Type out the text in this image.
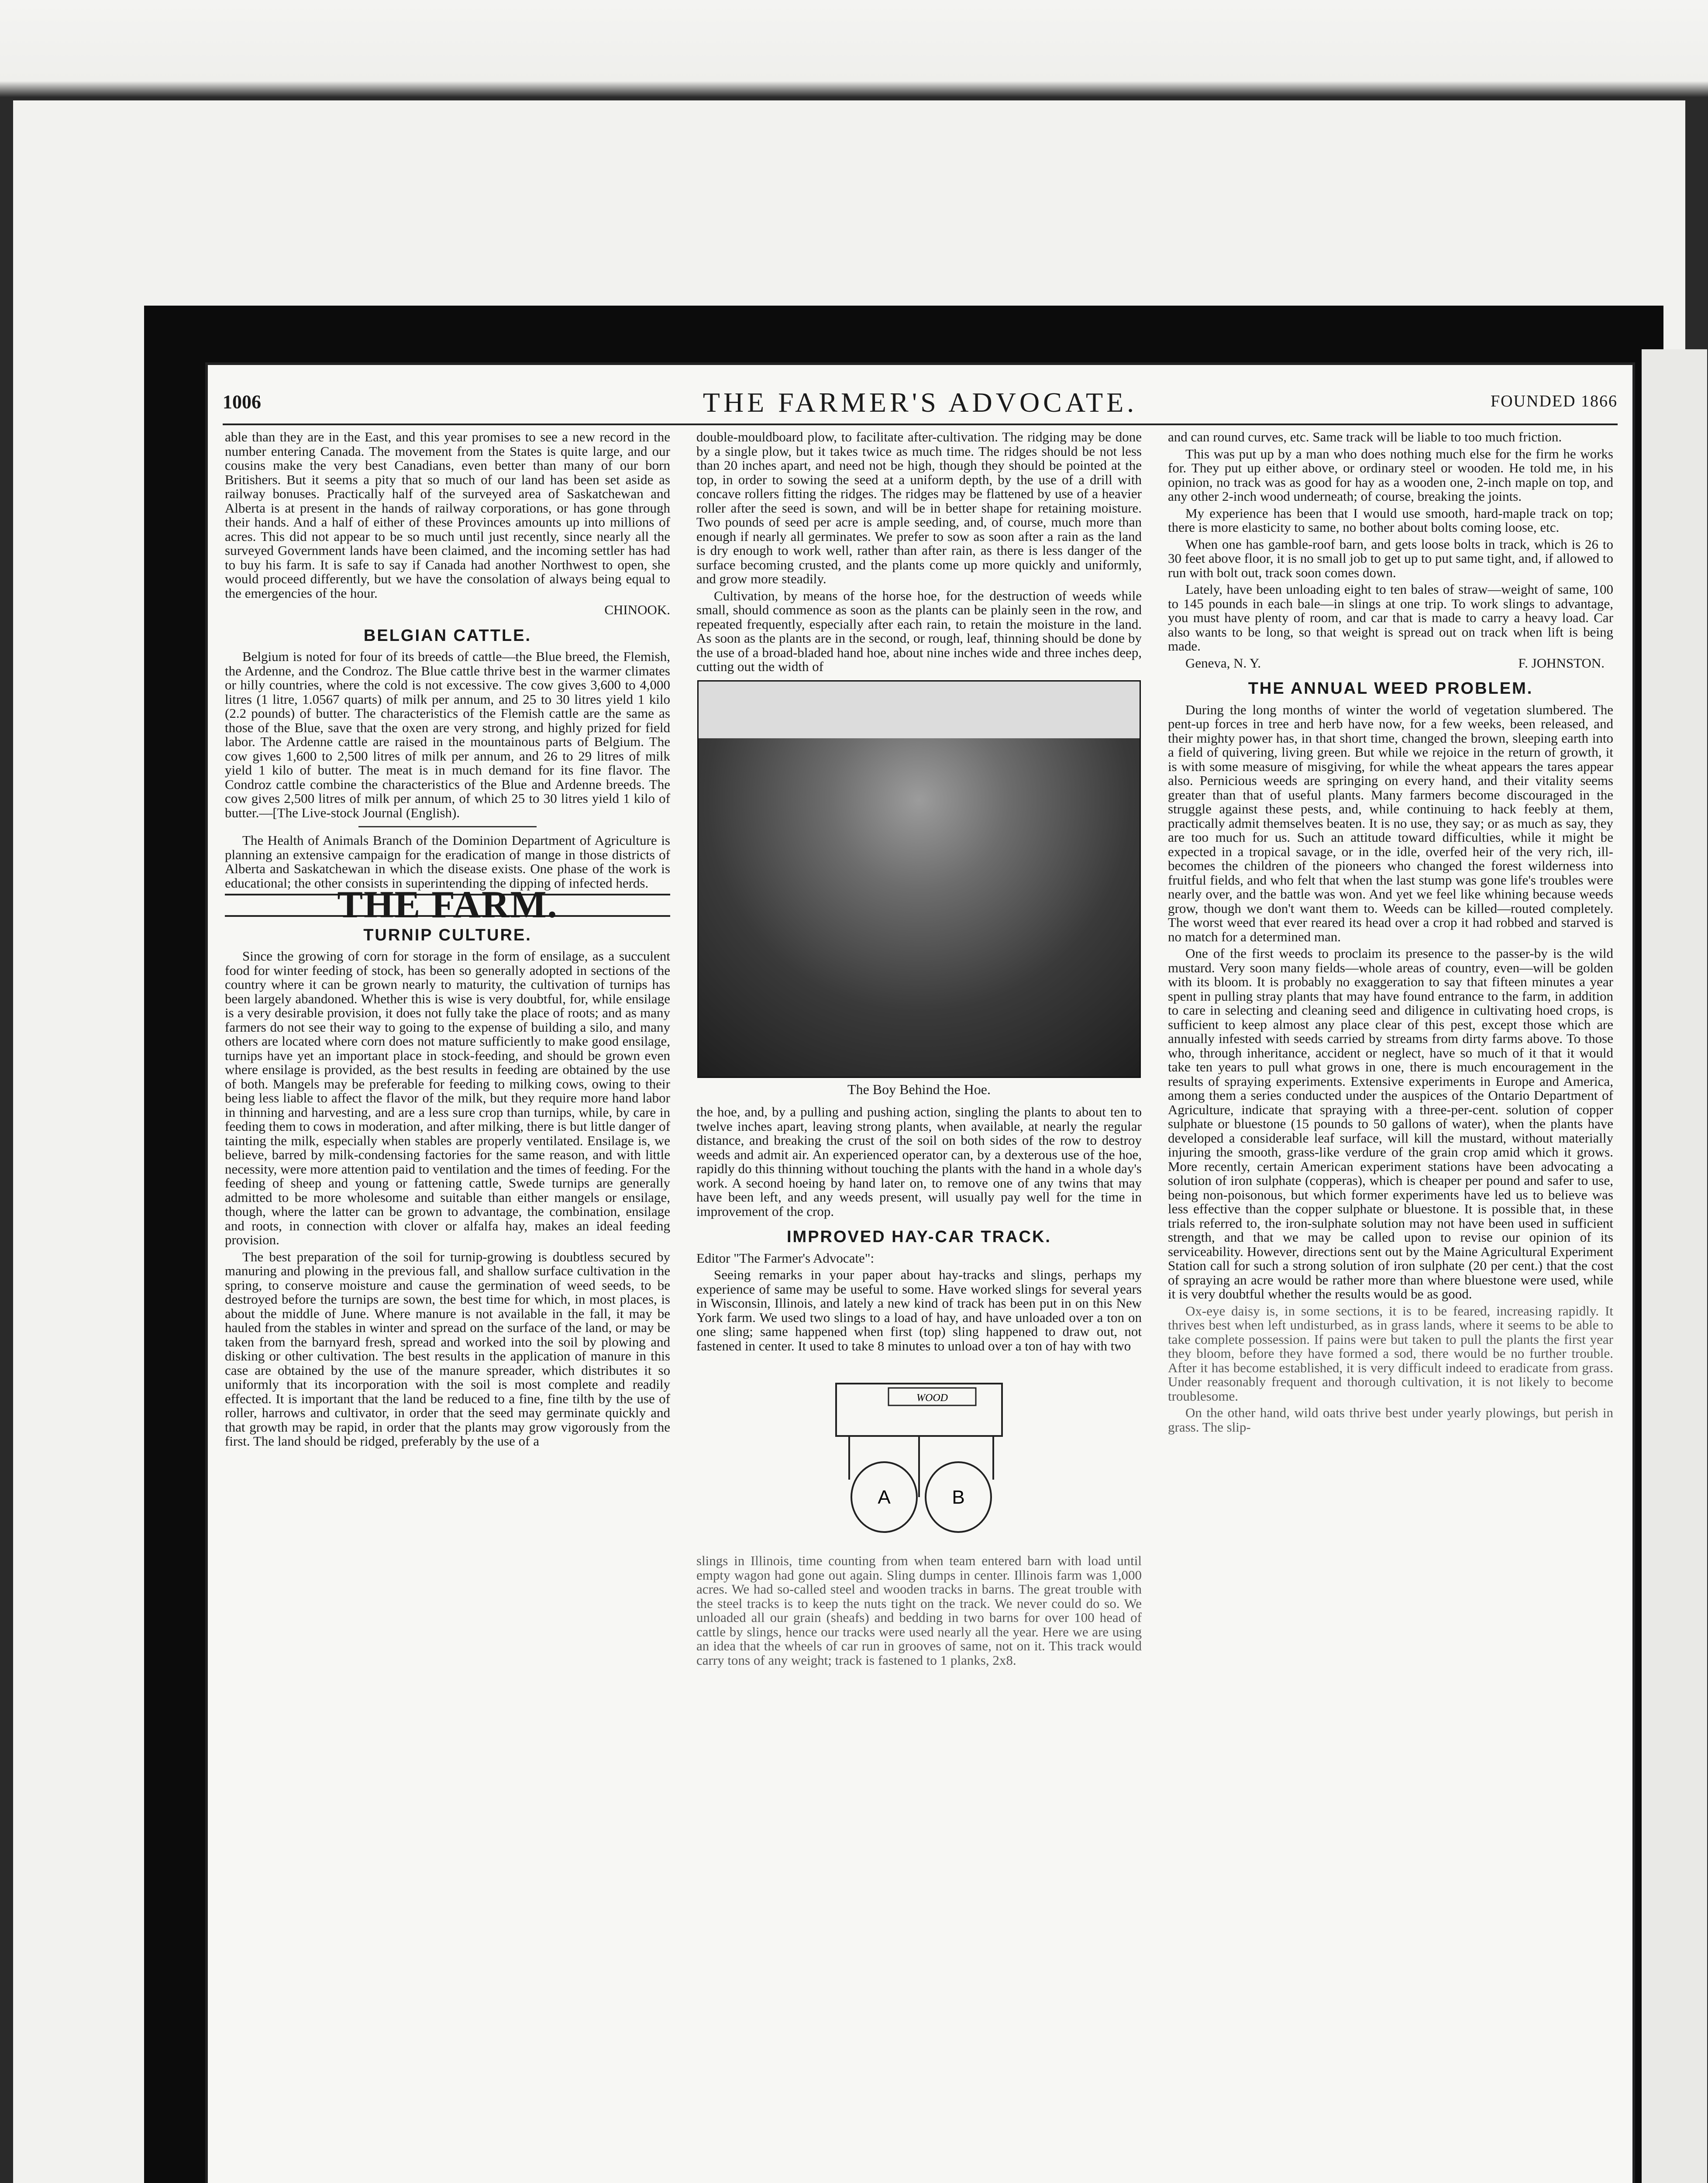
1006	THE FARMER'S ADVOCATE.	FOUNDED 1866

able than they are in the East, and this year promises to see a new record in the number entering Canada. The movement from the States is quite large, and our cousins make the very best Canadians, even better than many of our born Britishers. But it seems a pity that so much of our land has been set aside as railway bonuses. Practically half of the surveyed area of Saskatchewan and Alberta is at present in the hands of railway corporations, or has gone through their hands. And a half of either of these Provinces amounts up into millions of acres. This did not appear to be so much until just recently, since nearly all the surveyed Government lands have been claimed, and the incoming settler has had to buy his farm. It is safe to say if Canada had another Northwest to open, she would proceed differently, but we have the consolation of always being equal to the emergencies of the hour.

CHINOOK.
BELGIAN CATTLE.

Belgium is noted for four of its breeds of cattle—the Blue breed, the Flemish, the Ardenne, and the Condroz. The Blue cattle thrive best in the warmer climates or hilly countries, where the cold is not excessive. The cow gives 3,600 to 4,000 litres (1 litre, 1.0567 quarts) of milk per annum, and 25 to 30 litres yield 1 kilo (2.2 pounds) of butter. The characteristics of the Flemish cattle are the same as those of the Blue, save that the oxen are very strong, and highly prized for field labor. The Ardenne cattle are raised in the mountainous parts of Belgium. The cow gives 1,600 to 2,500 litres of milk per annum, and 26 to 29 litres of milk yield 1 kilo of butter. The meat is in much demand for its fine flavor. The Condroz cattle combine the characteristics of the Blue and Ardenne breeds. The cow gives 2,500 litres of milk per annum, of which 25 to 30 litres yield 1 kilo of butter.—[The Live-stock Journal (English).

The Health of Animals Branch of the Dominion Department of Agriculture is planning an extensive campaign for the eradication of mange in those districts of Alberta and Saskatchewan in which the disease exists. One phase of the work is educational; the other consists in superintending the dipping of infected herds.

THE FARM.
TURNIP CULTURE.

Since the growing of corn for storage in the form of ensilage, as a succulent food for winter feeding of stock, has been so generally adopted in sections of the country where it can be grown nearly to maturity, the cultivation of turnips has been largely abandoned. Whether this is wise is very doubtful, for, while ensilage is a very desirable provision, it does not fully take the place of roots; and as many farmers do not see their way to going to the expense of building a silo, and many others are located where corn does not mature sufficiently to make good ensilage, turnips have yet an important place in stock-feeding, and should be grown even where ensilage is provided, as the best results in feeding are obtained by the use of both. Mangels may be preferable for feeding to milking cows, owing to their being less liable to affect the flavor of the milk, but they require more hand labor in thinning and harvesting, and are a less sure crop than turnips, while, by care in feeding them to cows in moderation, and after milking, there is but little danger of tainting the milk, especially when stables are properly ventilated. Ensilage is, we believe, barred by milk-condensing factories for the same reason, and with little necessity, were more attention paid to ventilation and the times of feeding. For the feeding of sheep and young or fattening cattle, Swede turnips are generally admitted to be more wholesome and suitable than either mangels or ensilage, though, where the latter can be grown to advantage, the combination, ensilage and roots, in connection with clover or alfalfa hay, makes an ideal feeding provision.

The best preparation of the soil for turnip-growing is doubtless secured by manuring and plowing in the previous fall, and shallow surface cultivation in the spring, to conserve moisture and cause the germination of weed seeds, to be destroyed before the turnips are sown, the best time for which, in most places, is about the middle of June. Where manure is not available in the fall, it may be hauled from the stables in winter and spread on the surface of the land, or may be taken from the barnyard fresh, spread and worked into the soil by plowing and disking or other cultivation. The best results in the application of manure in this case are obtained by the use of the manure spreader, which distributes it so uniformly that its incorporation with the soil is most complete and readily effected. It is important that the land be reduced to a fine, fine tilth by the use of roller, harrows and cultivator, in order that the seed may germinate quickly and that growth may be rapid, in order that the plants may grow vigorously from the first. The land should be ridged, preferably by the use of a

double-mouldboard plow, to facilitate after-cultivation. The ridging may be done by a single plow, but it takes twice as much time. The ridges should be not less than 20 inches apart, and need not be high, though they should be pointed at the top, in order to sowing the seed at a uniform depth, by the use of a drill with concave rollers fitting the ridges. The ridges may be flattened by use of a heavier roller after the seed is sown, and will be in better shape for retaining moisture. Two pounds of seed per acre is ample seeding, and, of course, much more than enough if nearly all germinates. We prefer to sow as soon after a rain as the land is dry enough to work well, rather than after rain, as there is less danger of the surface becoming crusted, and the plants come up more quickly and uniformly, and grow more steadily.

Cultivation, by means of the horse hoe, for the destruction of weeds while small, should commence as soon as the plants can be plainly seen in the row, and repeated frequently, especially after each rain, to retain the moisture in the land. As soon as the plants are in the second, or rough, leaf, thinning should be done by the use of a broad-bladed hand hoe, about nine inches wide and three inches deep, cutting out the width of

The Boy Behind the Hoe.

the hoe, and, by a pulling and pushing action, singling the plants to about ten to twelve inches apart, leaving strong plants, when available, at nearly the regular distance, and breaking the crust of the soil on both sides of the row to destroy weeds and admit air. An experienced operator can, by a dexterous use of the hoe, rapidly do this thinning without touching the plants with the hand in a whole day's work. A second hoeing by hand later on, to remove one of any twins that may have been left, and any weeds present, will usually pay well for the time in improvement of the crop.

IMPROVED HAY-CAR TRACK.

Editor "The Farmer's Advocate":

Seeing remarks in your paper about hay-tracks and slings, perhaps my experience of same may be useful to some. Have worked slings for several years in Wisconsin, Illinois, and lately a new kind of track has been put in on this New York farm. We used two slings to a load of hay, and have unloaded over a ton on one sling; same happened when first (top) sling happened to draw out, not fastened in center. It used to take 8 minutes to unload over a ton of hay with two

WOOD
A	B

slings in Illinois, time counting from when team entered barn with load until empty wagon had gone out again. Sling dumps in center. Illinois farm was 1,000 acres. We had so-called steel and wooden tracks in barns. The great trouble with the steel tracks is to keep the nuts tight on the track. We never could do so. We unloaded all our grain (sheafs) and bedding in two barns for over 100 head of cattle by slings, hence our tracks were used nearly all the year. Here we are using an idea that the wheels of car run in grooves of same, not on it. This track would carry tons of any weight; track is fastened to 1 planks, 2x8.

and can round curves, etc. Same track will be liable to too much friction.

This was put up by a man who does nothing much else for the firm he works for. They put up either above, or ordinary steel or wooden. He told me, in his opinion, no track was as good for hay as a wooden one, 2-inch maple on top, and any other 2-inch wood underneath; of course, breaking the joints.

My experience has been that I would use smooth, hard-maple track on top; there is more elasticity to same, no bother about bolts coming loose, etc.

When one has gamble-roof barn, and gets loose bolts in track, which is 26 to 30 feet above floor, it is no small job to get up to put same tight, and, if allowed to run with bolt out, track soon comes down.

Lately, have been unloading eight to ten bales of straw—weight of same, 100 to 145 pounds in each bale—in slings at one trip. To work slings to advantage, you must have plenty of room, and car that is made to carry a heavy load. Car also wants to be long, so that weight is spread out on track when lift is being made.

Geneva, N. Y.	F. JOHNSTON.
THE ANNUAL WEED PROBLEM.

During the long months of winter the world of vegetation slumbered. The pent-up forces in tree and herb have now, for a few weeks, been released, and their mighty power has, in that short time, changed the brown, sleeping earth into a field of quivering, living green. But while we rejoice in the return of growth, it is with some measure of misgiving, for while the wheat appears the tares appear also. Pernicious weeds are springing on every hand, and their vitality seems greater than that of useful plants. Many farmers become discouraged in the struggle against these pests, and, while continuing to hack feebly at them, practically admit themselves beaten. It is no use, they say; or as much as say, they are too much for us. Such an attitude toward difficulties, while it might be expected in a tropical savage, or in the idle, overfed heir of the very rich, ill-becomes the children of the pioneers who changed the forest wilderness into fruitful fields, and who felt that when the last stump was gone life's troubles were nearly over, and the battle was won. And yet we feel like whining because weeds grow, though we don't want them to. Weeds can be killed—routed completely. The worst weed that ever reared its head over a crop it had robbed and starved is no match for a determined man.

One of the first weeds to proclaim its presence to the passer-by is the wild mustard. Very soon many fields—whole areas of country, even—will be golden with its bloom. It is probably no exaggeration to say that fifteen minutes a year spent in pulling stray plants that may have found entrance to the farm, in addition to care in selecting and cleaning seed and diligence in cultivating hoed crops, is sufficient to keep almost any place clear of this pest, except those which are annually infested with seeds carried by streams from dirty farms above. To those who, through inheritance, accident or neglect, have so much of it that it would take ten years to pull what grows in one, there is much encouragement in the results of spraying experiments. Extensive experiments in Europe and America, among them a series conducted under the auspices of the Ontario Department of Agriculture, indicate that spraying with a three-per-cent. solution of copper sulphate or bluestone (15 pounds to 50 gallons of water), when the plants have developed a considerable leaf surface, will kill the mustard, without materially injuring the smooth, grass-like verdure of the grain crop amid which it grows. More recently, certain American experiment stations have been advocating a solution of iron sulphate (copperas), which is cheaper per pound and safer to use, being non-poisonous, but which former experiments have led us to believe was less effective than the copper sulphate or bluestone. It is possible that, in these trials referred to, the iron-sulphate solution may not have been used in sufficient strength, and that we may be called upon to revise our opinion of its serviceability. However, directions sent out by the Maine Agricultural Experiment Station call for such a strong solution of iron sulphate (20 per cent.) that the cost of spraying an acre would be rather more than where bluestone were used, while it is very doubtful whether the results would be as good.

Ox-eye daisy is, in some sections, it is to be feared, increasing rapidly. It thrives best when left undisturbed, as in grass lands, where it seems to be able to take complete possession. If pains were but taken to pull the plants the first year they bloom, before they have formed a sod, there would be no further trouble. After it has become established, it is very difficult indeed to eradicate from grass. Under reasonably frequent and thorough cultivation, it is not likely to become troublesome.

On the other hand, wild oats thrive best under yearly plowings, but perish in grass. The slip-
